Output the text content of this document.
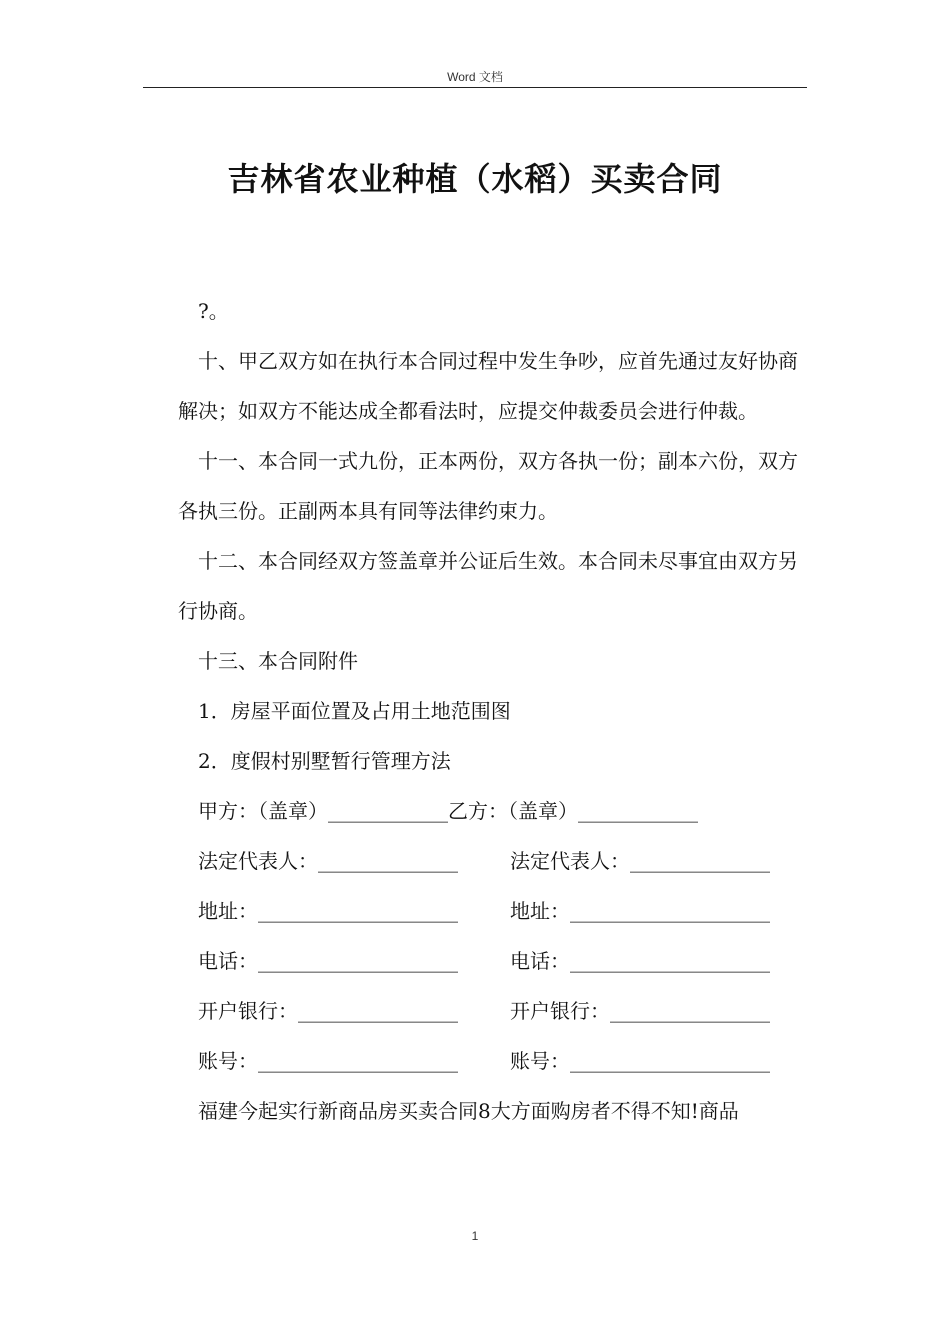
Word 文档
吉林省农业种植（水稻）买卖合同

?。

十、甲乙双方如在执行本合同过程中发生争吵，应首先通过友好协商解决；如双方不能达成全都看法时，应提交仲裁委员会进行仲裁。

十一、本合同一式九份，正本两份，双方各执一份；副本六份，双方各执三份。正副两本具有同等法律约束力。

十二、本合同经双方签盖章并公证后生效。本合同未尽事宜由双方另行协商。

十三、本合同附件

1．房屋平面位置及占用土地范围图

2．度假村别墅暂行管理方法

甲方：（盖章）____________乙方：（盖章）____________
法定代表人：______________	法定代表人：______________
地址：____________________	地址：____________________
电话：____________________	电话：____________________
开户银行：________________	开户银行：________________
账号：____________________	账号：____________________

福建今起实行新商品房买卖合同8大方面购房者不得不知!商品

1
